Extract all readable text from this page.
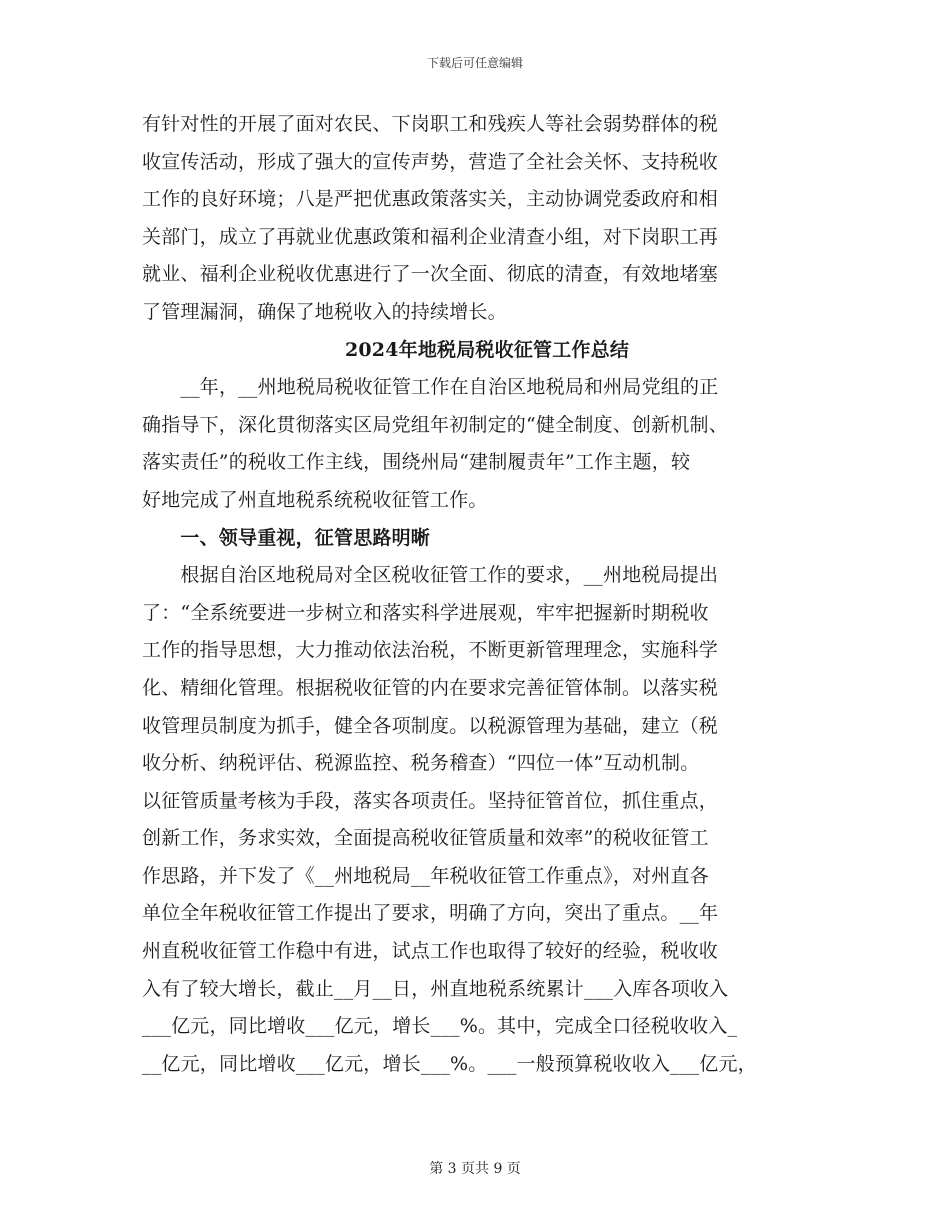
下载后可任意编辑
有针对性的开展了面对农民、下岗职工和残疾人等社会弱势群体的税
收宣传活动，形成了强大的宣传声势，营造了全社会关怀、支持税收
工作的良好环境；八是严把优惠政策落实关，主动协调党委政府和相
关部门，成立了再就业优惠政策和福利企业清查小组，对下岗职工再
就业、福利企业税收优惠进行了一次全面、彻底的清查，有效地堵塞
了管理漏洞，确保了地税收入的持续增长。
2024年地税局税收征管工作总结
　　__年，__州地税局税收征管工作在自治区地税局和州局党组的正
确指导下，深化贯彻落实区局党组年初制定的“健全制度、创新机制、
落实责任”的税收工作主线，围绕州局“建制履责年”工作主题，较
好地完成了州直地税系统税收征管工作。
　　一、领导重视，征管思路明晰
　　根据自治区地税局对全区税收征管工作的要求，__州地税局提出
了：“全系统要进一步树立和落实科学进展观，牢牢把握新时期税收
工作的指导思想，大力推动依法治税，不断更新管理理念，实施科学
化、精细化管理。根据税收征管的内在要求完善征管体制。以落实税
收管理员制度为抓手，健全各项制度。以税源管理为基础，建立（税
收分析、纳税评估、税源监控、税务稽查）“四位一体”互动机制。
以征管质量考核为手段，落实各项责任。坚持征管首位，抓住重点，
创新工作，务求实效，全面提高税收征管质量和效率”的税收征管工
作思路，并下发了《__州地税局__年税收征管工作重点》，对州直各
单位全年税收征管工作提出了要求，明确了方向，突出了重点。__年
州直税收征管工作稳中有进，试点工作也取得了较好的经验，税收收
入有了较大增长，截止__月__日，州直地税系统累计___入库各项收入
___亿元，同比增收___亿元，增长___%。其中，完成全口径税收收入_
__亿元，同比增收___亿元，增长___%。___一般预算税收收入___亿元，
第 3 页共 9 页
